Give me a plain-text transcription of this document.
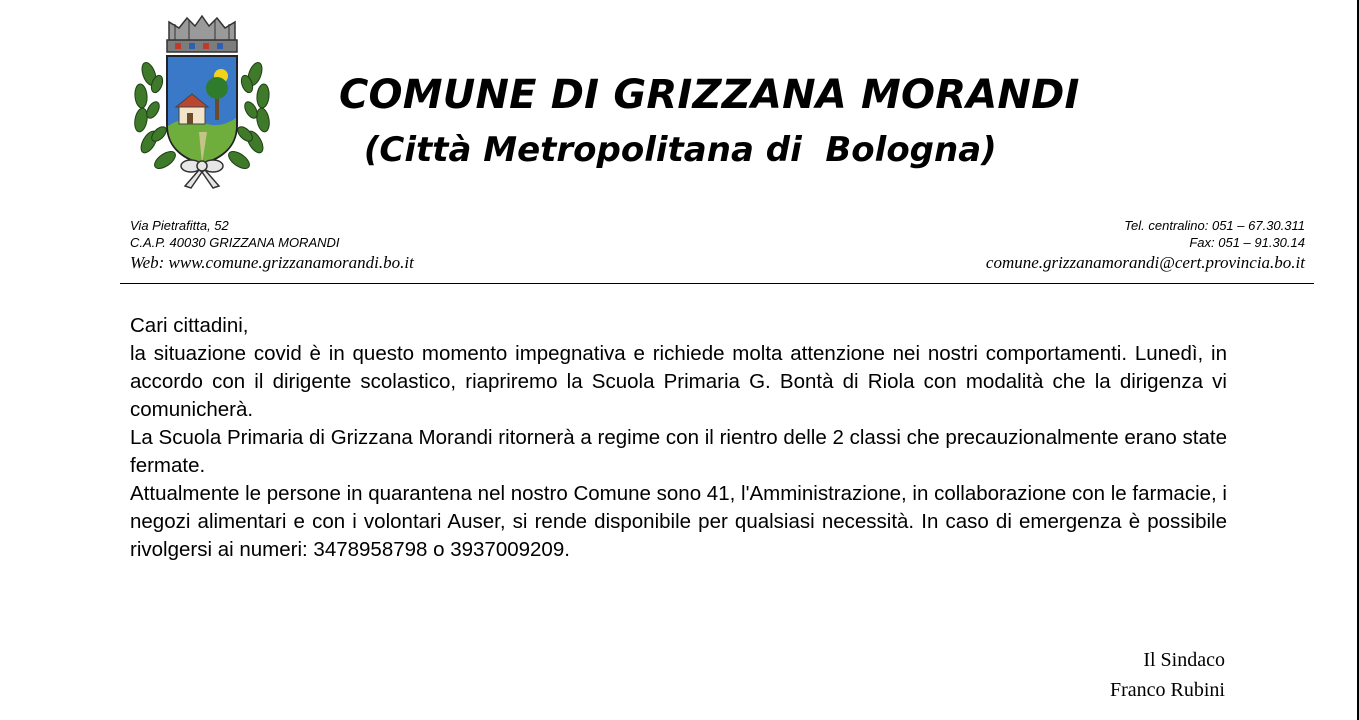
COMUNE DI GRIZZANA MORANDI
(Città Metropolitana di  Bologna)
Via Pietrafitta, 52
C.A.P. 40030 GRIZZANA MORANDI
Web: www.comune.grizzanamorandi.bo.it
Tel. centralino: 051 – 67.30.311
Fax: 051 – 91.30.14
comune.grizzanamorandi@cert.provincia.bo.it

Cari cittadini,

la situazione covid è in questo momento impegnativa e richiede molta attenzione nei nostri comportamenti. Lunedì, in accordo con il dirigente scolastico, riapriremo la Scuola Primaria G. Bontà di Riola con modalità che la dirigenza vi comunicherà.

La Scuola Primaria di Grizzana Morandi ritornerà a regime con il rientro delle 2 classi che precauzionalmente erano state fermate.

Attualmente le persone in quarantena nel nostro Comune sono 41, l'Amministrazione, in collaborazione con le farmacie, i negozi alimentari e con i volontari Auser, si rende disponibile per qualsiasi necessità. In caso di emergenza è possibile rivolgersi ai numeri: 3478958798 o 3937009209.

Il Sindaco
Franco Rubini
